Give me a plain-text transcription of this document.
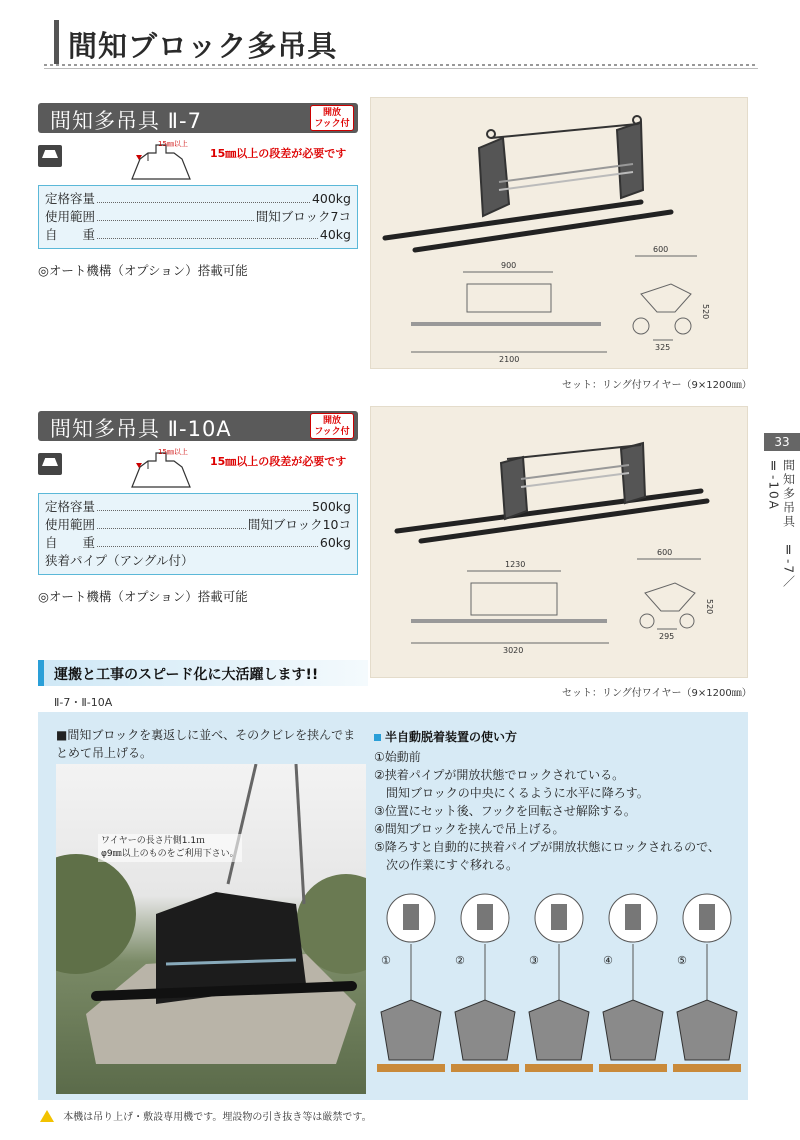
間知ブロック多吊具
間知多吊具 Ⅱ-7	開放
フック付
15㎜以上
15㎜以上の段差が必要です
定格容量	400kg
使用範囲	間知ブロック7コ
自　　重	40kg
◎オート機構（オプション）搭載可能	900
2100
600
520
325
セット：リング付ワイヤー（9×1200㎜）
間知多吊具 Ⅱ-10A	開放
フック付
15㎜以上
15㎜以上の段差が必要です
定格容量	500kg
使用範囲	間知ブロック10コ
自　　重	60kg
狭着パイプ（アングル付）
◎オート機構（オプション）搭載可能
1230
3020
600
520
295
セット：リング付ワイヤー（9×1200㎜）
33
間知多吊具　Ⅱ-7／Ⅱ-10A
運搬と工事のスピード化に大活躍します!!
Ⅱ-7・Ⅱ-10A
■間知ブロックを裏返しに並べ、そのクビレを挟んでまとめて吊上げる。
ワイヤーの長さ片側1.1ｍ
φ9㎜以上のものをご利用下さい。
半自動脱着装置の使い方
①始動前
②挟着パイプが開放状態でロックされている。
　間知ブロックの中央にくるように水平に降ろす。
③位置にセット後、フックを回転させ解除する。
④間知ブロックを挟んで吊上げる。
⑤降ろすと自動的に挟着パイプが開放状態にロックされるので、
　次の作業にすぐ移れる。
①	②	③	④	⑤
本機は吊り上げ・敷設専用機です。埋設物の引き抜き等は厳禁です。
